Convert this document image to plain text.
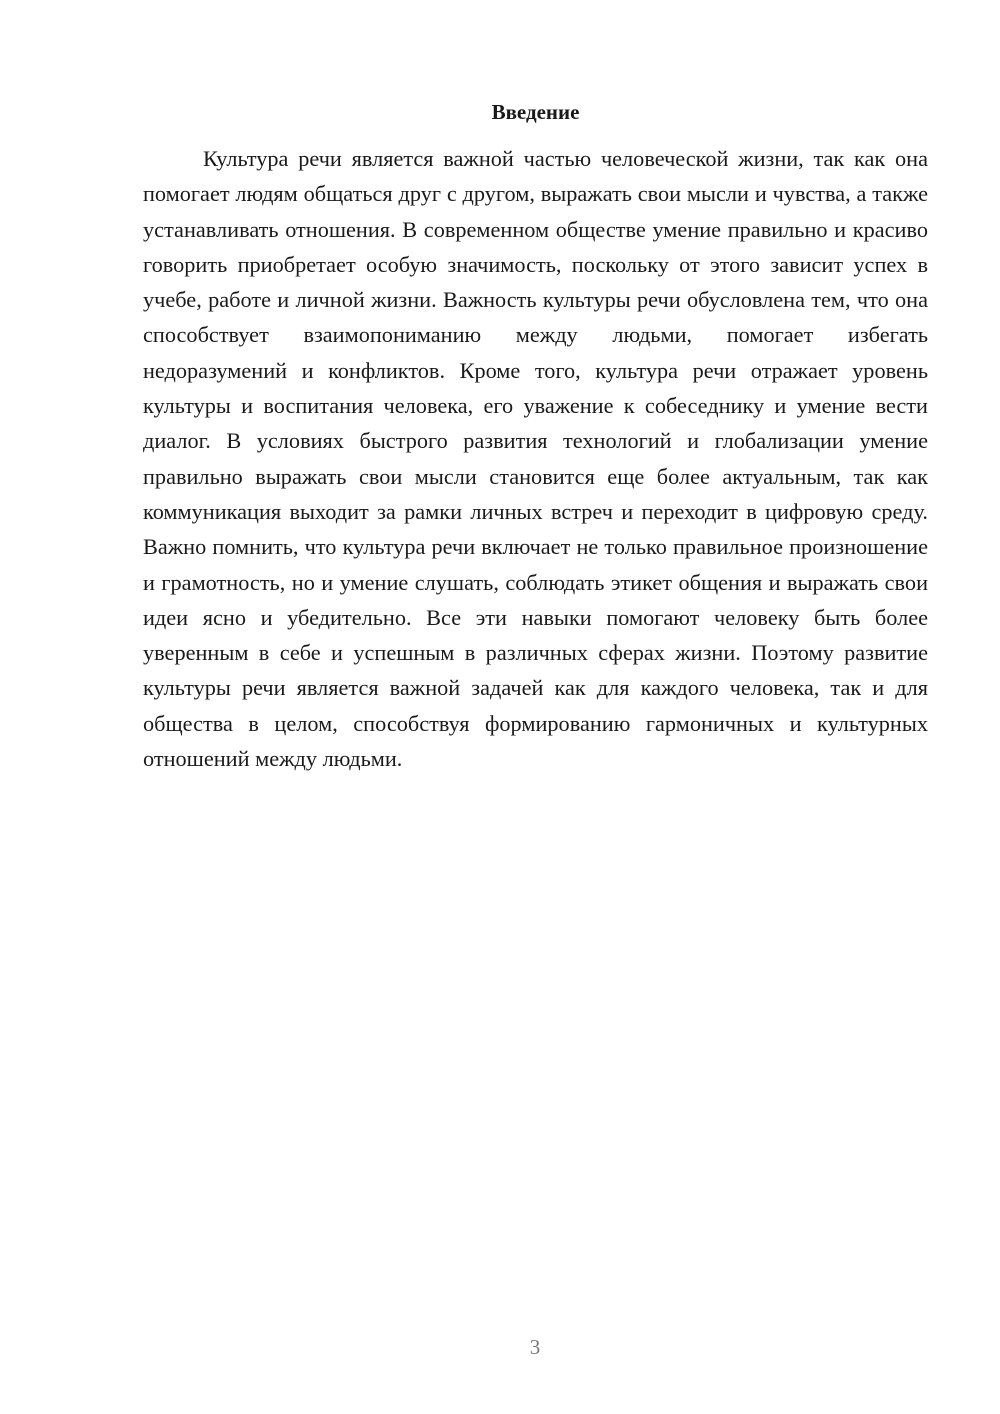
Введение

Культура речи является важной частью человеческой жизни, так как она помогает людям общаться друг с другом, выражать свои мысли и чувства, а также устанавливать отношения. В современном обществе умение правильно и красиво говорить приобретает особую значимость, поскольку от этого зависит успех в учебе, работе и личной жизни. Важность культуры речи обусловлена тем, что она способствует взаимопониманию между людьми, помогает избегать недоразумений и конфликтов. Кроме того, культура речи отражает уровень культуры и воспитания человека, его уважение к собеседнику и умение вести диалог. В условиях быстрого развития технологий и глобализации умение правильно выражать свои мысли становится еще более актуальным, так как коммуникация выходит за рамки личных встреч и переходит в цифровую среду. Важно помнить, что культура речи включает не только правильное произношение и грамотность, но и умение слушать, соблюдать этикет общения и выражать свои идеи ясно и убедительно. Все эти навыки помогают человеку быть более уверенным в себе и успешным в различных сферах жизни. Поэтому развитие культуры речи является важной задачей как для каждого человека, так и для общества в целом, способствуя формированию гармоничных и культурных отношений между людьми.

3
